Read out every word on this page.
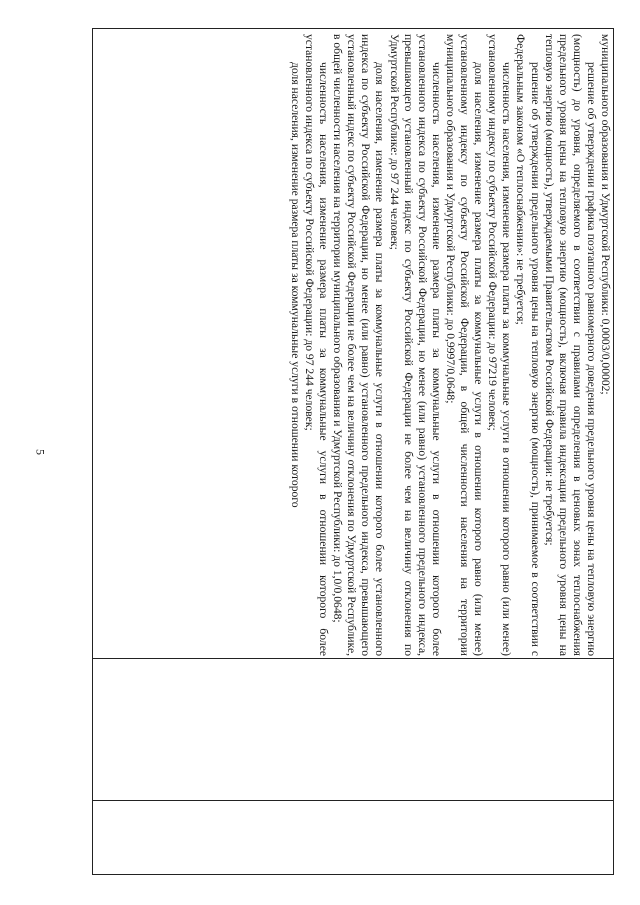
5

муниципального образования и Удмуртской Республики: 0,0003/0,00002;

решение об утверждении графика поэтапного равномерного доведения предельного уровня цены на тепловую энергию (мощность) до уровня, определяемого в соответствии с правилами определения в ценовых зонах теплоснабжения предельного уровня цены на тепловую энергию (мощность), включая правила индексации предельного уровня цены на тепловую энергию (мощность), утверждаемыми Правительством Российской Федерации: не требуется;

решение об утверждении предельного уровня цены на тепловую энергию (мощность), принимаемое в соответствии с Федеральным законом «О теплоснабжении»: не требуется;

численность населения, изменение размера платы за коммунальные услуги в отношении которого равно (или менее) установленному индексу по субъекту Российской Федерации: до 97219 человек;

доля населения, изменение размера платы за коммунальные услуги в отношении которого равно (или менее) установленному индексу по субъекту Российской Федерации, в общей численности населения на территории муниципального образования и Удмуртской Республики: до 0,9997/0,0648;

численность населения, изменение размера платы за коммунальные услуги в отношении которого более установленного индекса по субъекту Российской Федерации, но менее (или равно) установленного предельного индекса, превышающего установленный индекс по субъекту Российской Федерации не более чем на величину отклонения по Удмуртской Республике: до 97 244 человек;

доля населения, изменение размера платы за коммунальные услуги в отношении которого более установленного индекса по субъекту Российской Федерации, но менее (или равно) установленного предельного индекса, превышающего установленный индекс по субъекту Российской Федерации не более чем на величину отклонения по Удмуртской Республике, в общей численности населения на территории муниципального образования и Удмуртской Республики: до 1,0/0,0648;

численность населения, изменение размера платы за коммунальные услуги в отношении которого более установленного индекса по субъекту Российской Федерации: до 97 244 человек;

доля населения, изменение размера платы за коммунальные услуги в отношении которого
